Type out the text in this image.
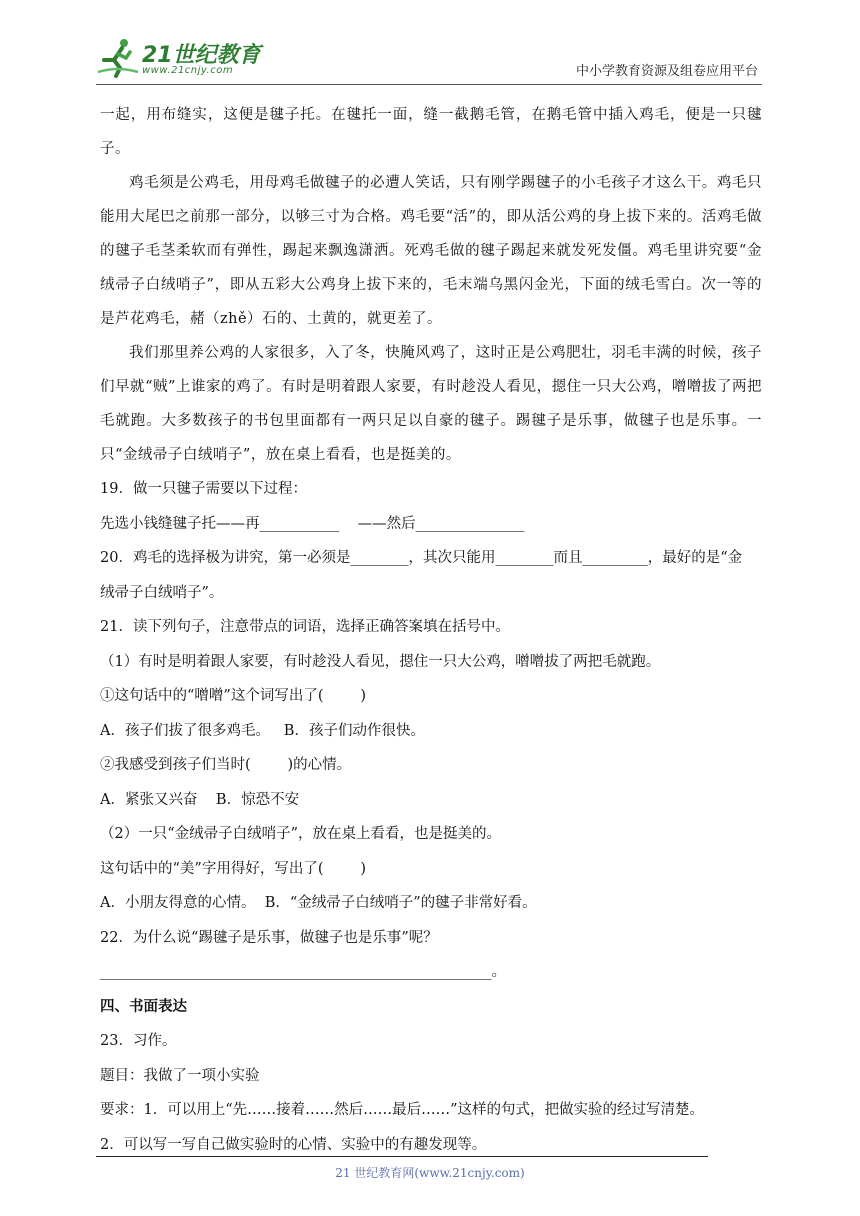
21世纪教育
www.21cnjy.com	中小学教育资源及组卷应用平台

一起，用布缝实，这便是毽子托。在毽托一面，缝一截鹅毛管，在鹅毛管中插入鸡毛，便是一只毽子。

鸡毛须是公鸡毛，用母鸡毛做毽子的必遭人笑话，只有刚学踢毽子的小毛孩子才这么干。鸡毛只能用大尾巴之前那一部分，以够三寸为合格。鸡毛要“活”的，即从活公鸡的身上拔下来的。活鸡毛做的毽子毛茎柔软而有弹性，踢起来飘逸潇洒。死鸡毛做的毽子踢起来就发死发僵。鸡毛里讲究要“金绒帚子白绒哨子”，即从五彩大公鸡身上拔下来的，毛末端乌黑闪金光，下面的绒毛雪白。次一等的是芦花鸡毛，赭（zhě）石的、土黄的，就更差了。

我们那里养公鸡的人家很多，入了冬，快腌风鸡了，这时正是公鸡肥壮，羽毛丰满的时候，孩子们早就“贼”上谁家的鸡了。有时是明着跟人家要，有时趁没人看见，摁住一只大公鸡，噌噌拔了两把毛就跑。大多数孩子的书包里面都有一两只足以自豪的毽子。踢毽子是乐事，做毽子也是乐事。一只“金绒帚子白绒哨子”，放在桌上看看，也是挺美的。

19．做一只毽子需要以下过程：

先选小钱缝毽子托——再___________    ——然后_______________

20．鸡毛的选择极为讲究，第一必须是________，其次只能用________而且_________，最好的是“金

绒帚子白绒哨子”。

21．读下列句子，注意带点的词语，选择正确答案填在括号中。

（1）有时是明着跟人家要，有时趁没人看见，摁住一只大公鸡，噌噌拔了两把毛就跑。

①这句话中的“噌噌”这个词写出了(        )

A．孩子们拔了很多鸡毛。   B．孩子们动作很快。

②我感受到孩子们当时(        )的心情。

A．紧张又兴奋    B．惊恐不安

（2）一只“金绒帚子白绒哨子”，放在桌上看看，也是挺美的。

这句话中的“美”字用得好，写出了(        )

A．小朋友得意的心情。  B．“金绒帚子白绒哨子”的毽子非常好看。

22．为什么说“踢毽子是乐事，做毽子也是乐事”呢？

______________________________________________________。

四、书面表达

23．习作。

题目：我做了一项小实验

要求：1．可以用上“先……接着……然后……最后……”这样的句式，把做实验的经过写清楚。

2．可以写一写自己做实验时的心情、实验中的有趣发现等。

21 世纪教育网(www.21cnjy.com)
